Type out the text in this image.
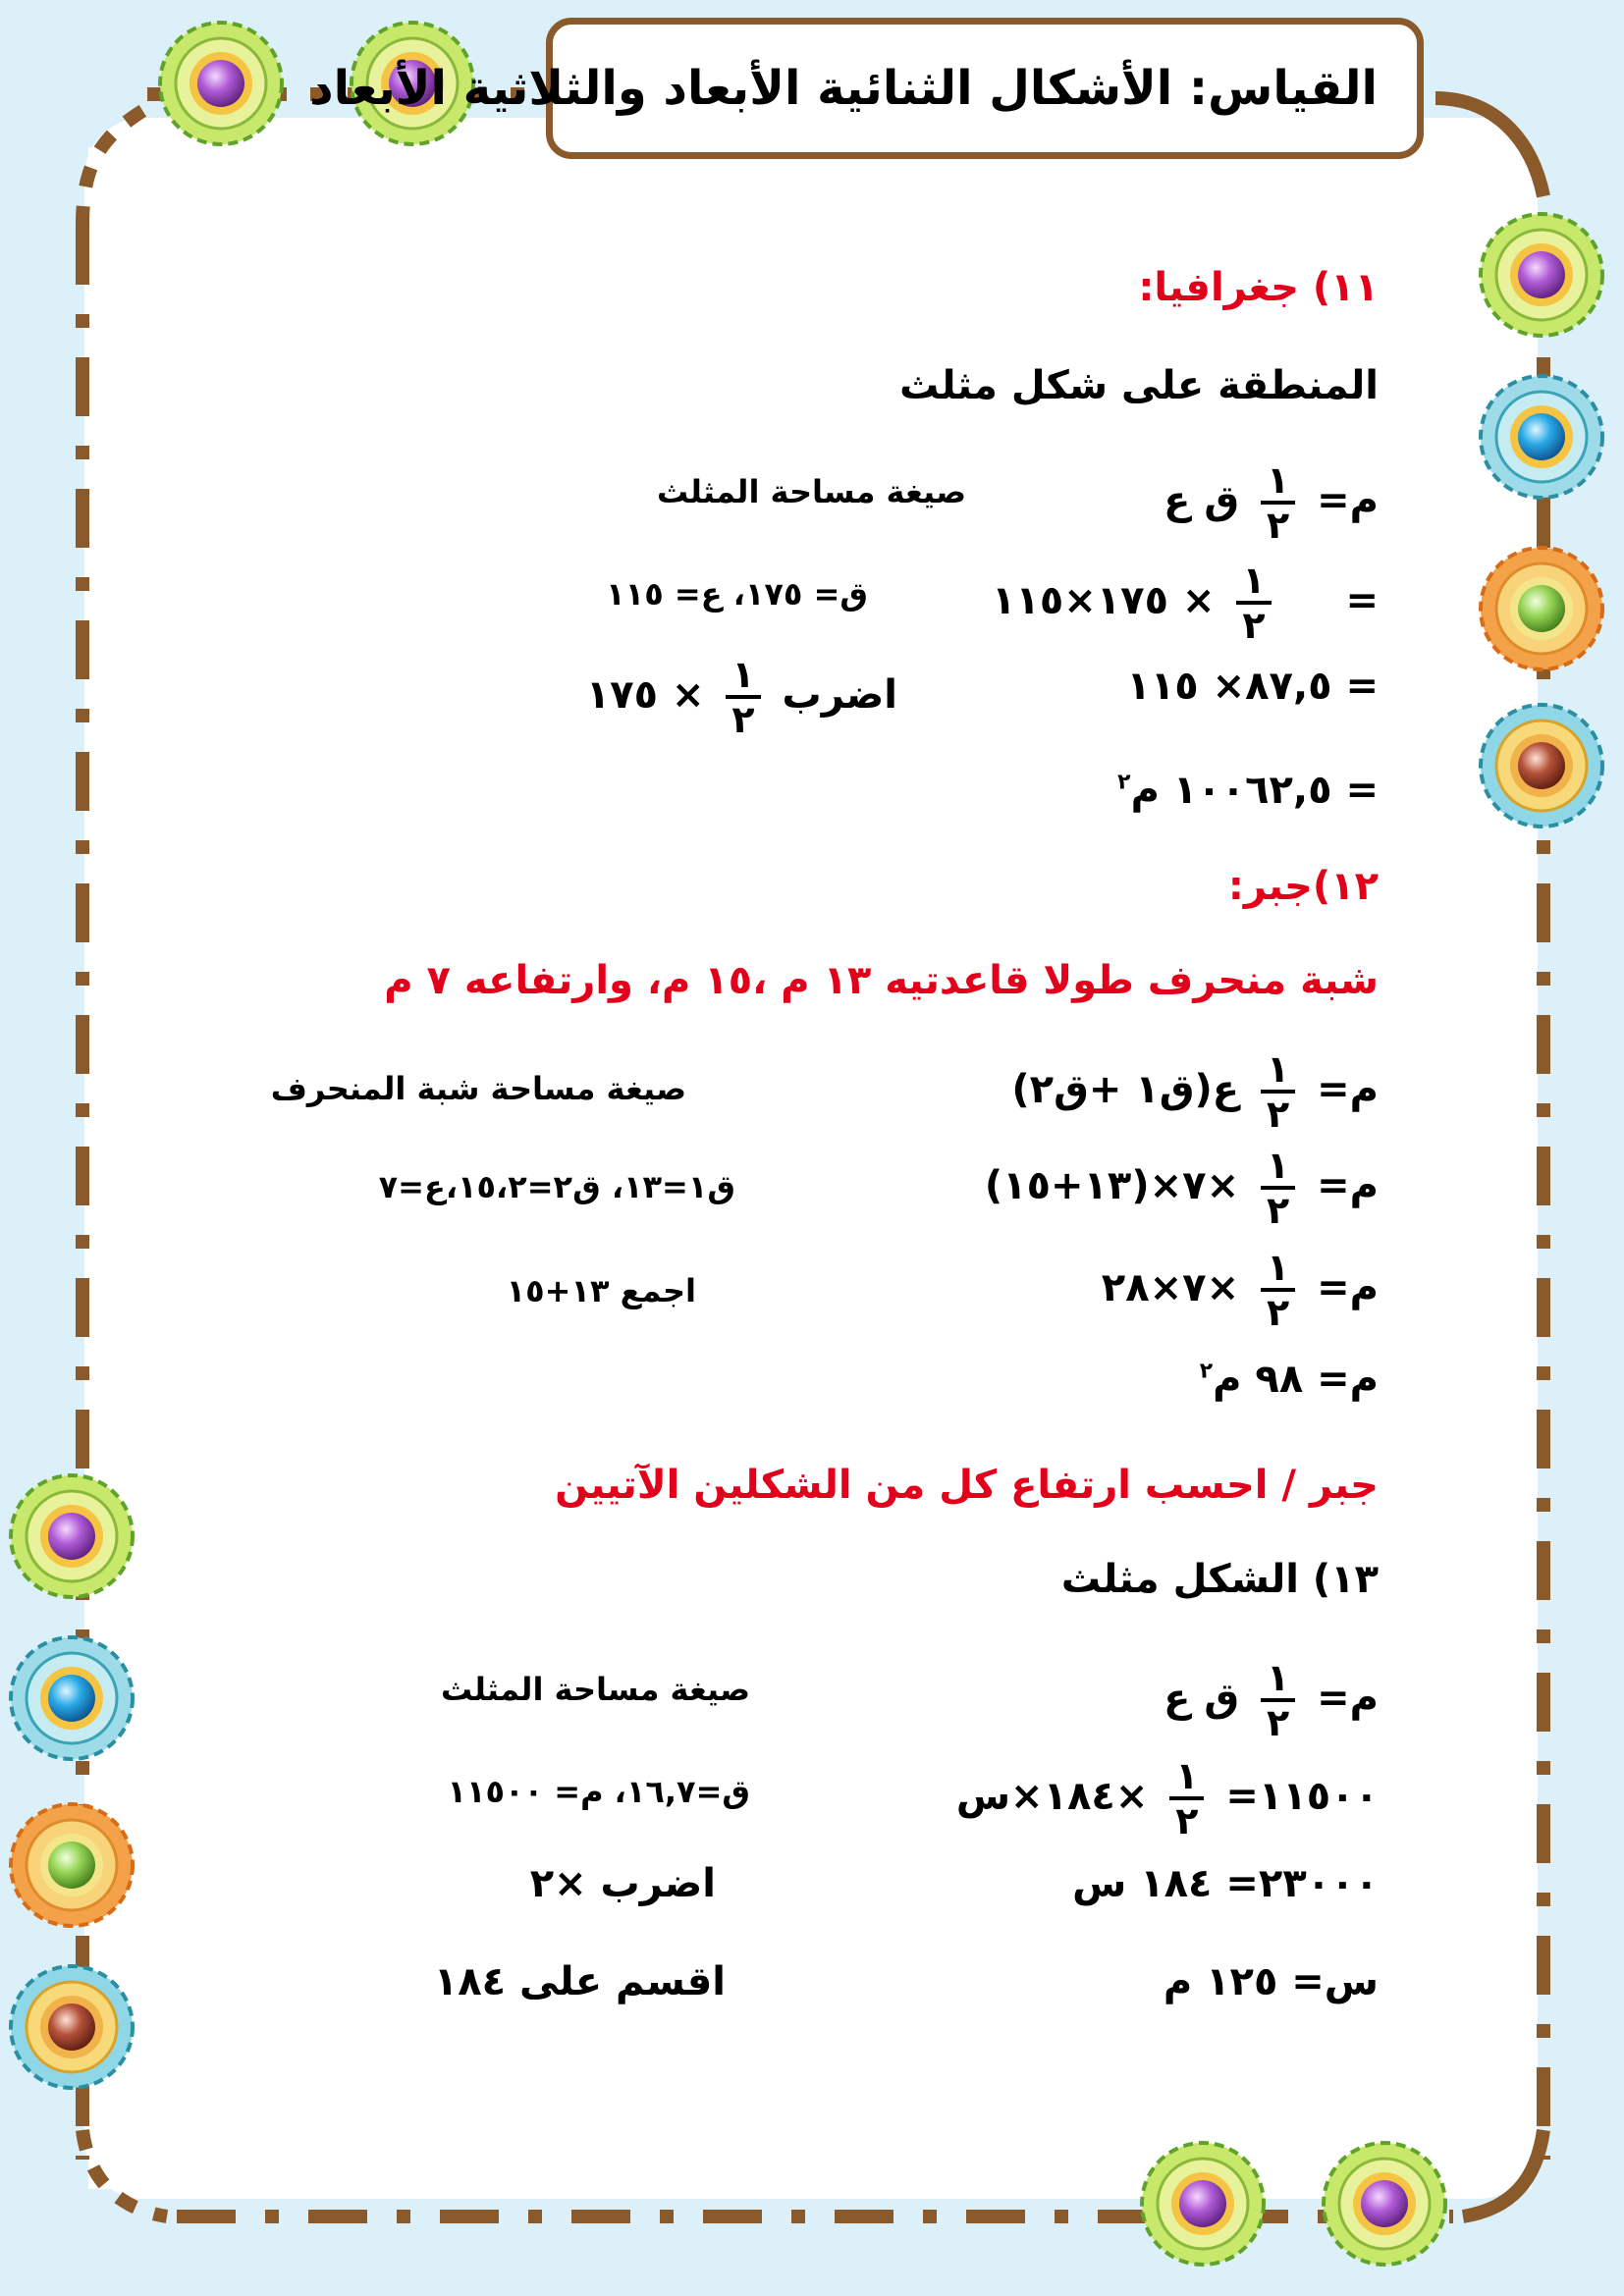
القياس: الأشكال الثنائية الأبعاد والثلاثية الأبعاد
١١) جغرافيا:
المنطقة على شكل مثلث
م=
$\frac{١}{٢}$
ق ع
صيغة مساحة المثلث
=
$\frac{١}{٢}$
× ١٧٥×١١٥
ق= ١٧٥، ع= ١١٥
= ٨٧,٥× ١١٥
اضرب
$\frac{١}{٢}$
× ١٧٥
= ١٠٠٦٢,٥ م$^٢$
١٢)جبر:
شبة منحرف طولا قاعدتيه ١٣ م ،١٥ م، وارتفاعه ٧ م
م=
$\frac{١}{٢}$
ع(ق١ +ق٢)
صيغة مساحة شبة المنحرف
م=
$\frac{١}{٢}$
×٧×(١٣+١٥)
ق١=١٣، ق٢=١٥،٢،ع=٧
م=
$\frac{١}{٢}$
×٧×٢٨
اجمع ١٣+١٥
م= ٩٨ م$^٢$
جبر / احسب ارتفاع كل من الشكلين الآتيين
١٣) الشكل مثلث
م=
$\frac{١}{٢}$
ق ع
صيغة مساحة المثلث
١١٥٠٠=
$\frac{١}{٢}$
×١٨٤×س
ق=١٦,٧، م= ١١٥٠٠
٢٣٠٠٠= ١٨٤ س
اضرب ×٢
س= ١٢٥ م
اقسم على ١٨٤
